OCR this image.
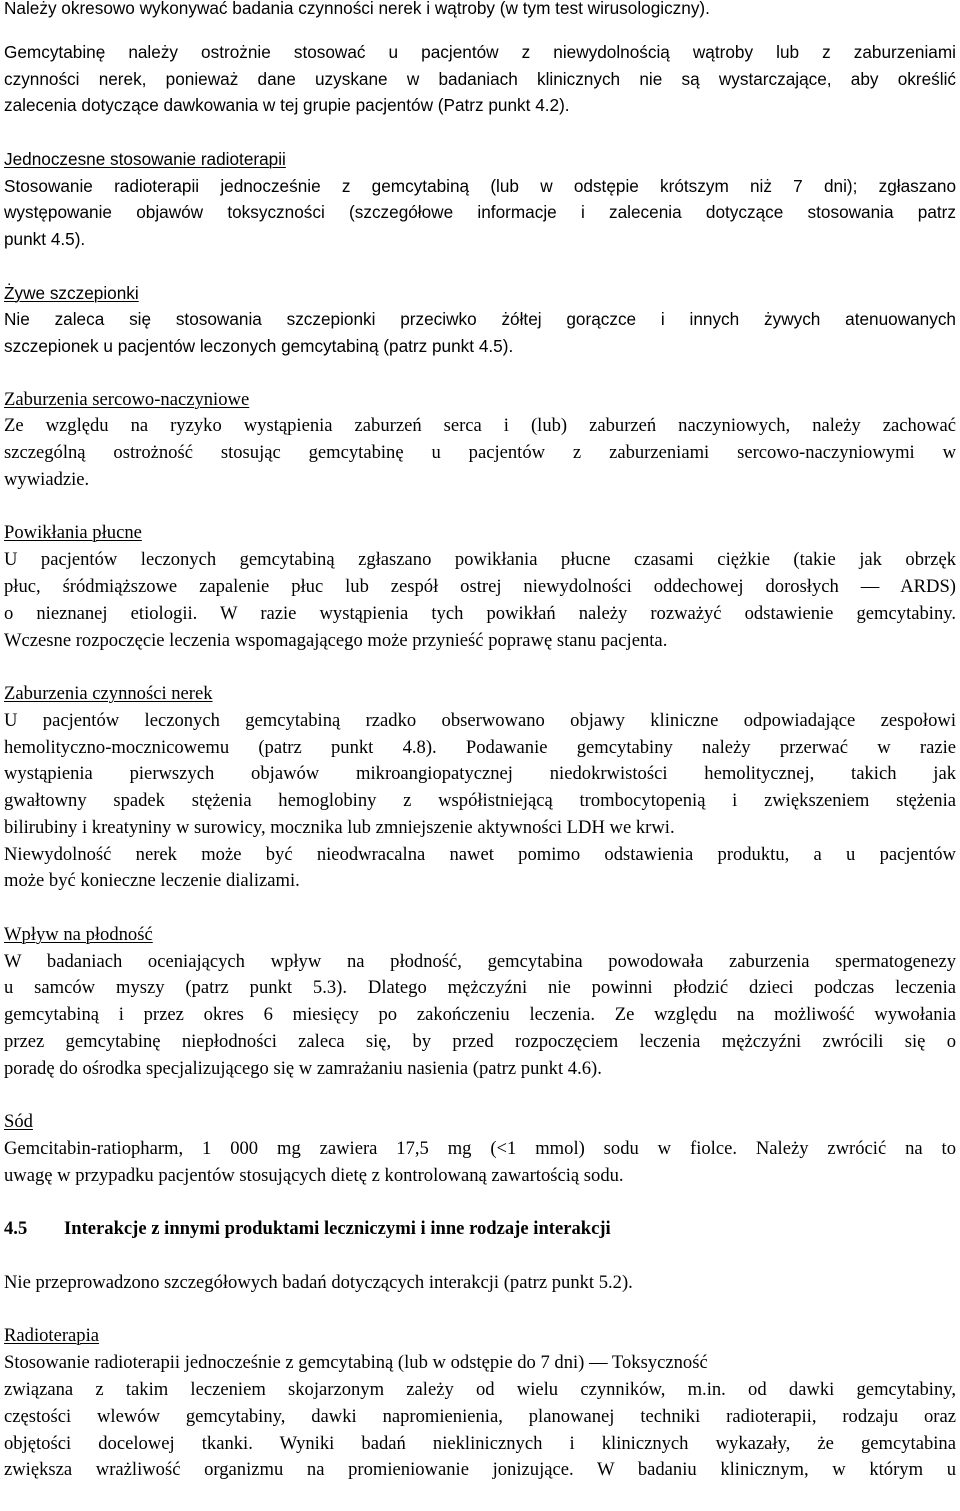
Należy okresowo wykonywać badania czynności nerek i wątroby (w tym test wirusologiczny).
Gemcytabinę należy ostrożnie stosować u pacjentów z niewydolnością wątroby lub z zaburzeniami
czynności nerek, ponieważ dane uzyskane w badaniach klinicznych nie są wystarczające, aby określić
zalecenia dotyczące dawkowania w tej grupie pacjentów (Patrz punkt 4.2).
Jednoczesne stosowanie radioterapii
Stosowanie radioterapii jednocześnie z gemcytabiną (lub w odstępie krótszym niż 7 dni); zgłaszano
występowanie objawów toksyczności (szczegółowe informacje i zalecenia dotyczące stosowania patrz
punkt 4.5).
Żywe szczepionki
Nie zaleca się stosowania szczepionki przeciwko żółtej gorączce i innych żywych atenuowanych
szczepionek u pacjentów leczonych gemcytabiną (patrz punkt 4.5).
Zaburzenia sercowo-naczyniowe
Ze względu na ryzyko wystąpienia zaburzeń serca i (lub) zaburzeń naczyniowych, należy zachować
szczególną ostrożność stosując gemcytabinę u pacjentów z zaburzeniami sercowo-naczyniowymi w
wywiadzie.
Powikłania płucne
U pacjentów leczonych gemcytabiną zgłaszano powikłania płucne czasami ciężkie (takie jak obrzęk
płuc, śródmiąższowe zapalenie płuc lub zespół ostrej niewydolności oddechowej dorosłych — ARDS)
o nieznanej etiologii. W razie wystąpienia tych powikłań należy rozważyć odstawienie gemcytabiny.
Wczesne rozpoczęcie leczenia wspomagającego może przynieść poprawę stanu pacjenta.
Zaburzenia czynności nerek
U pacjentów leczonych gemcytabiną rzadko obserwowano objawy kliniczne odpowiadające zespołowi
hemolityczno-mocznicowemu (patrz punkt 4.8). Podawanie gemcytabiny należy przerwać w razie
wystąpienia pierwszych objawów mikroangiopatycznej niedokrwistości hemolitycznej, takich jak
gwałtowny spadek stężenia hemoglobiny z współistniejącą trombocytopenią i zwiększeniem stężenia
bilirubiny i kreatyniny w surowicy, mocznika lub zmniejszenie aktywności LDH we krwi.
Niewydolność nerek może być nieodwracalna nawet pomimo odstawienia produktu, a u pacjentów
może być konieczne leczenie dializami.
Wpływ na płodność
W badaniach oceniających wpływ na płodność, gemcytabina powodowała zaburzenia spermatogenezy
u samców myszy (patrz punkt 5.3). Dlatego mężczyźni nie powinni płodzić dzieci podczas leczenia
gemcytabiną i przez okres 6 miesięcy po zakończeniu leczenia. Ze względu na możliwość wywołania
przez gemcytabinę niepłodności zaleca się, by przed rozpoczęciem leczenia mężczyźni zwrócili się o
poradę do ośrodka specjalizującego się w zamrażaniu nasienia (patrz punkt 4.6).
Sód
Gemcitabin-ratiopharm, 1 000 mg zawiera 17,5 mg (<1 mmol) sodu w fiolce. Należy zwrócić na to
uwagę w przypadku pacjentów stosujących dietę z kontrolowaną zawartością sodu.
4.5 Interakcje z innymi produktami leczniczymi i inne rodzaje interakcji
Nie przeprowadzono szczegółowych badań dotyczących interakcji (patrz punkt 5.2).
Radioterapia
Stosowanie radioterapii jednocześnie z gemcytabiną (lub w odstępie do 7 dni) — Toksyczność
związana z takim leczeniem skojarzonym zależy od wielu czynników, m.in. od dawki gemcytabiny,
częstości wlewów gemcytabiny, dawki napromienienia, planowanej techniki radioterapii, rodzaju oraz
objętości docelowej tkanki. Wyniki badań nieklinicznych i klinicznych wykazały, że gemcytabina
zwiększa wrażliwość organizmu na promieniowanie jonizujące. W badaniu klinicznym, w którym u
